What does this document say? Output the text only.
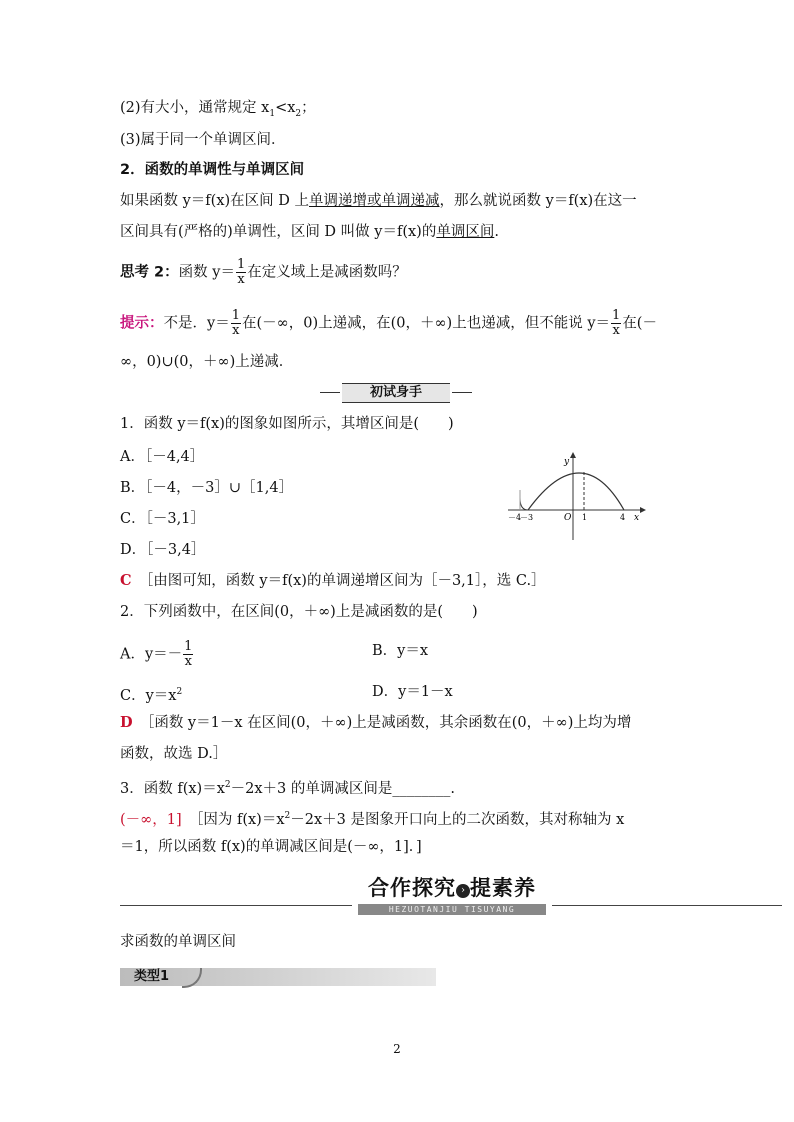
(2)有大小，通常规定 $x_1<x_2$；
(3)属于同一个单调区间．
2．函数的单调性与单调区间
如果函数 y＝f(x)在区间 D 上单调递增或单调递减，那么就说函数 y＝f(x)在这一
区间具有(严格的)单调性，区间 D 叫做 y＝f(x)的单调区间.
思考 2：函数 $y= \frac{1}{x}$ 在定义域上是减函数吗？
提示：不是．$y= \frac{1}{x}$ 在(－∞，0)上递减，在(0，＋∞)上也递减，但不能说 $y= \frac{1}{x}$ 在(－
∞，0)∪(0，＋∞)上递减．
初试身手
1．函数 y＝f(x)的图象如图所示，其增区间是(　　)
A．［－4,4］
B．［－4，－3］∪［1,4］
C．［－3,1］
D．［－3,4］
C　 ［由图可知，函数 y＝f(x)的单调递增区间为［－3,1］，选 C.］
y
x
O
－4
－3	1	4
2．下列函数中，在区间(0，＋∞)上是减函数的是(　　)
A．$y=- \frac{1}{x}$	B．y＝x
C．$y=x^2$	D．y＝1－x
D　 ［函数 y＝1－x 在区间(0，＋∞)上是减函数，其余函数在(0，＋∞)上均为增
函数，故选 D.］
3．函数 $f(x)=x^2-2x+3$ 的单调减区间是________.
(－∞，1]　 ［因为 $f(x)=x^2-2x+3$ 是图象开口向上的二次函数，其对称轴为 x
＝1，所以函数 f(x)的单调减区间是(－∞，1]．]
合作探究 › 提素养
HEZUOTANJIU TISUYANG
求函数的单调区间
类型1
2
